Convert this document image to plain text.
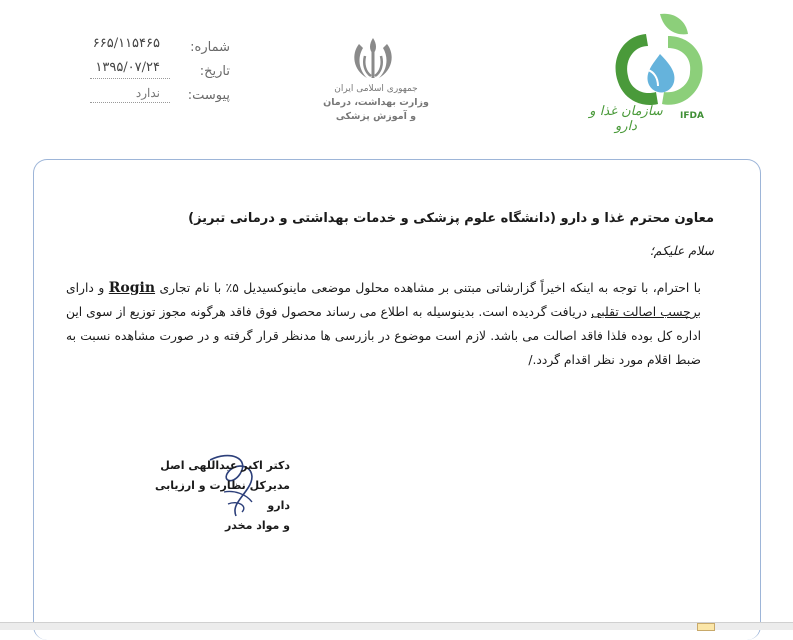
سازمان غذا و دارو
IFDA
جمهوری اسلامی ایران
وزارت بهداشت، درمان
و آموزش پزشکی
شماره:
۶۶۵/۱۱۵۴۶۵
تاریخ:
۱۳۹۵/۰۷/۲۴
پیوست:
ندارد
معاون محترم غذا و دارو (دانشگاه علوم پزشکی و خدمات بهداشتی و درمانی تبریز)
سلام علیکم؛
با احترام، با توجه به اینکه اخیراً گزارشاتی مبتنی بر مشاهده محلول موضعی ماینوکسیدیل ۵٪ با نام تجاری Rogin و دارای برچسب اصالت تقلبی دریافت گردیده است. بدینوسیله به اطلاع می رساند محصول فوق فاقد هرگونه مجوز توزیع از سوی این اداره کل بوده فلذا فاقد اصالت می باشد. لازم است موضوع در بازرسی ها مدنظر قرار گرفته و در صورت مشاهده نسبت به ضبط اقلام مورد نظر اقدام گردد./
دکتر اکبر عبداللهی اصل
مدیرکل نظارت و ارزیابی دارو
و مواد مخدر
